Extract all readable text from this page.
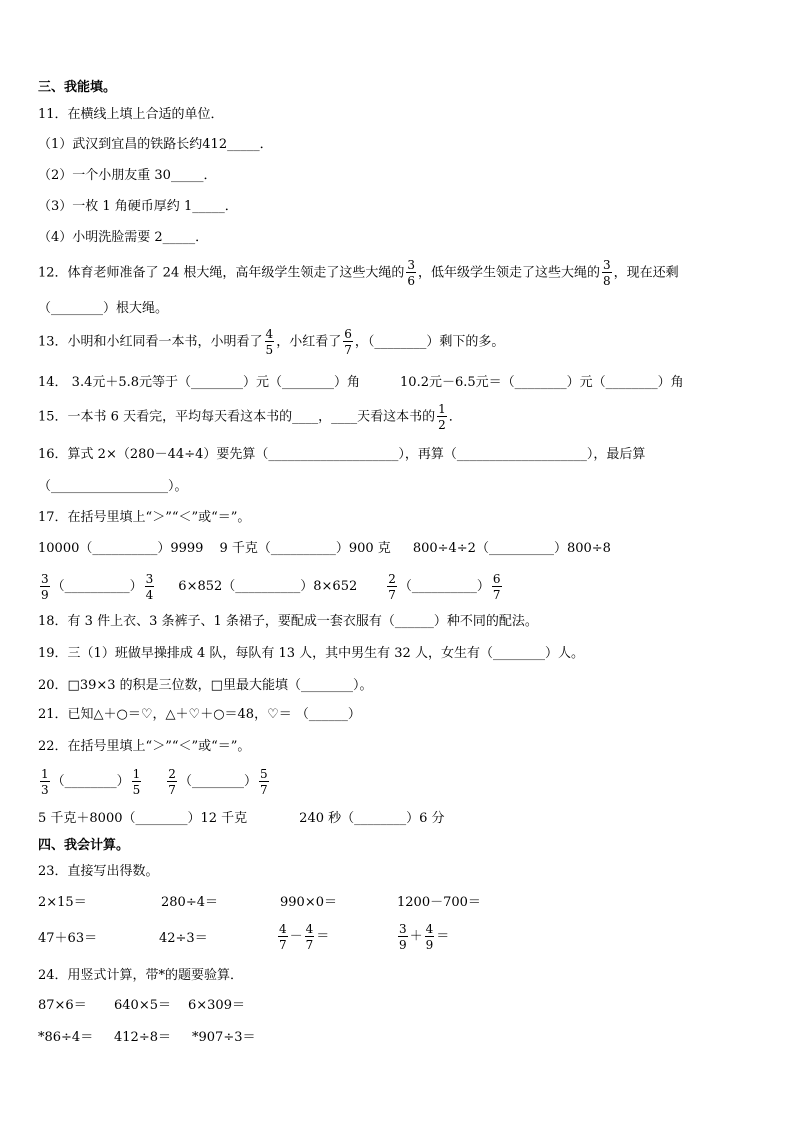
三、我能填。
11．在横线上填上合适的单位．
（1）武汉到宜昌的铁路长约412_____．
（2）一个小朋友重 30_____．
（3）一枚 1 角硬币厚约 1_____．
（4）小明洗脸需要 2_____．
12．体育老师准备了 24 根大绳，高年级学生领走了这些大绳的 $\frac{3}{6}$ ，低年级学生领走了这些大绳的 $\frac{3}{8}$ ，现在还剩
（________）根大绳。
13．小明和小红同看一本书，小明看了 $\frac{4}{5}$ ，小红看了 $\frac{6}{7}$ ，（________）剩下的多。
14． 3.4元＋5.8元等于（________）元（________）角	10.2元－6.5元＝（________）元（________）角
15．一本书 6 天看完，平均每天看这本书的____，____天看这本书的 $\frac{1}{2}$ ．
16．算式 2×（280－44÷4）要先算（____________________），再算（____________________），最后算
（__________________）。
17．在括号里填上“＞”“＜”或“＝”。
10000（__________）9999 9 千克（__________）900 克 800÷4÷2（__________）800÷8
$\frac{3}{9}$ （__________） $\frac{3}{4}$ 6×852（__________）8×652	$\frac{2}{7}$ （__________） $\frac{6}{7}$
18．有 3 件上衣、3 条裤子、1 条裙子，要配成一套衣服有（______）种不同的配法。
19．三（1）班做早操排成 4 队，每队有 13 人，其中男生有 32 人，女生有（________）人。
20．□39×3 的积是三位数，□里最大能填（________）。
21．已知△＋○＝♡，△＋♡＋○＝48，♡＝ （______）
22．在括号里填上“＞”“＜”或“＝”。
$\frac{1}{3}$ （________） $\frac{1}{5} \frac{2}{7}$ （________） $\frac{5}{7}$
5 千克＋8000（________）12 千克	240 秒（________）6 分
四、我会计算。
23．直接写出得数。
2×15＝	280÷4＝	990×0＝	1200－700＝
47＋63＝	42÷3＝	$\frac{4}{7} - \frac{4}{7}$ ＝	$\frac{3}{9} + \frac{4}{9}$ ＝
24．用竖式计算，带*的题要验算．
87×6＝ 640×5＝ 6×309＝
*86÷4＝ 412÷8＝ *907÷3＝
